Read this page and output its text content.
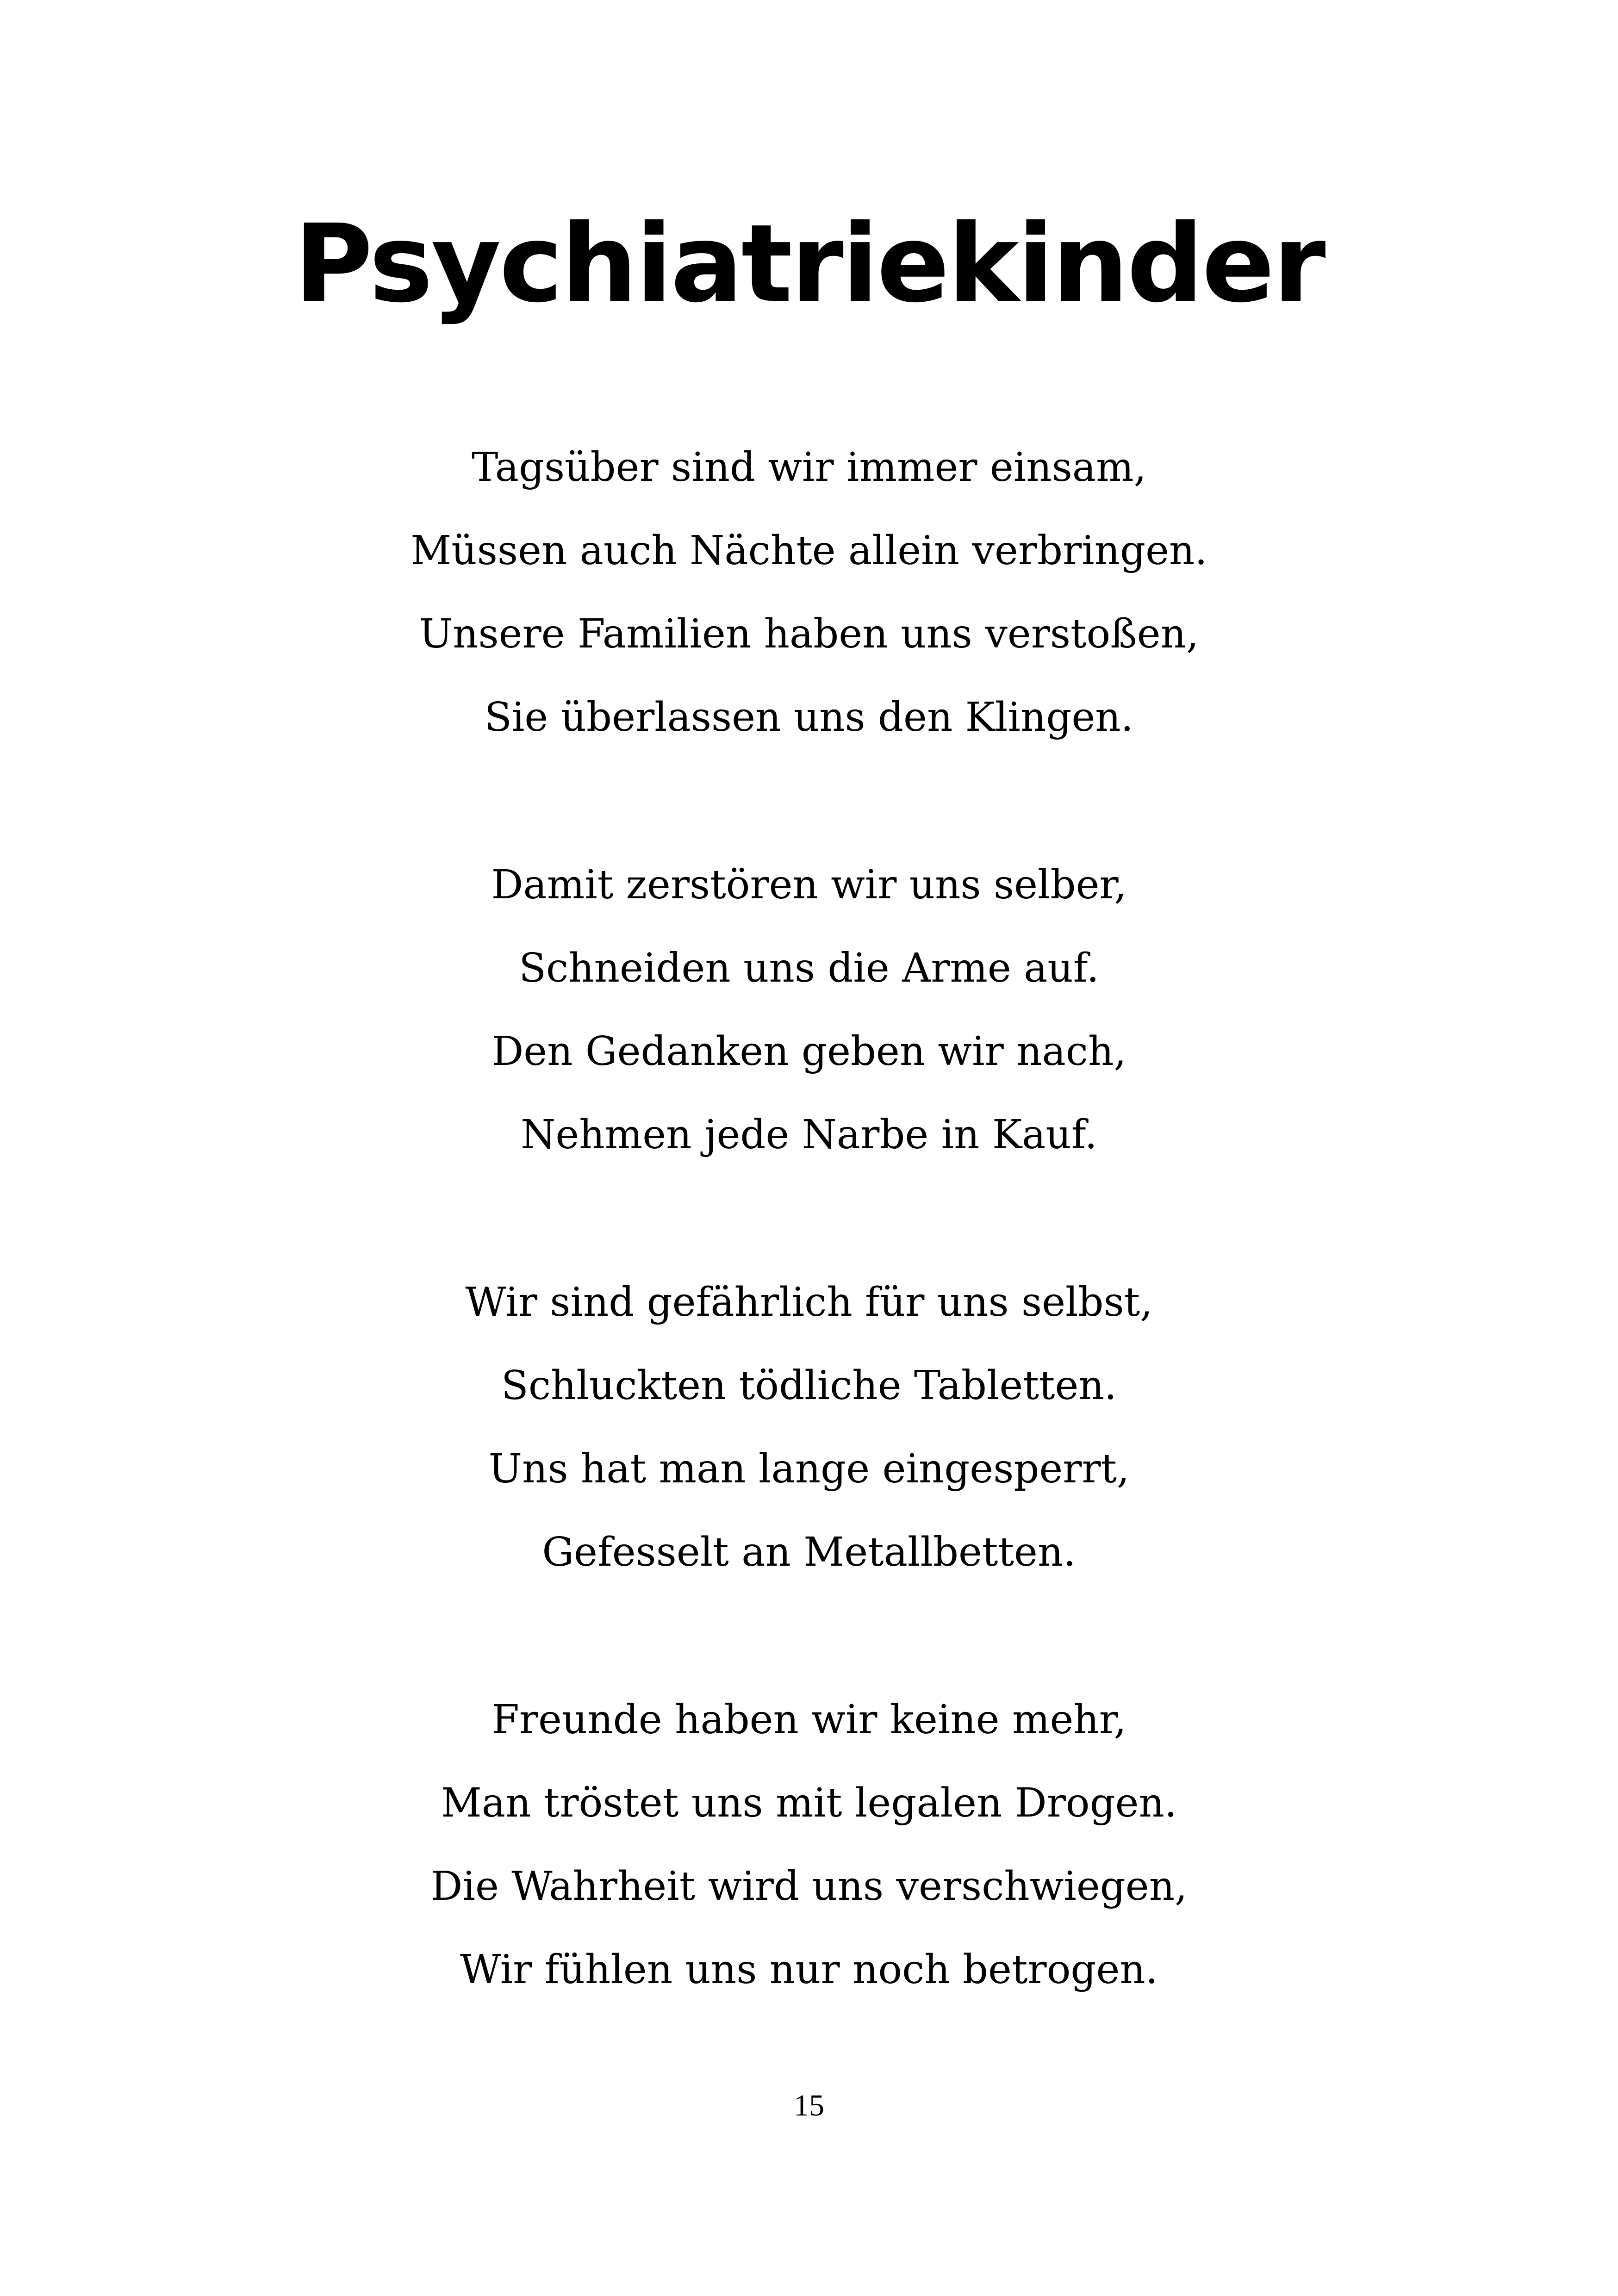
Psychiatriekinder
Tagsüber sind wir immer einsam,
Müssen auch Nächte allein verbringen.
Unsere Familien haben uns verstoßen,
Sie überlassen uns den Klingen.
Damit zerstören wir uns selber,
Schneiden uns die Arme auf.
Den Gedanken geben wir nach,
Nehmen jede Narbe in Kauf.
Wir sind gefährlich für uns selbst,
Schluckten tödliche Tabletten.
Uns hat man lange eingesperrt,
Gefesselt an Metallbetten.
Freunde haben wir keine mehr,
Man tröstet uns mit legalen Drogen.
Die Wahrheit wird uns verschwiegen,
Wir fühlen uns nur noch betrogen.
15
